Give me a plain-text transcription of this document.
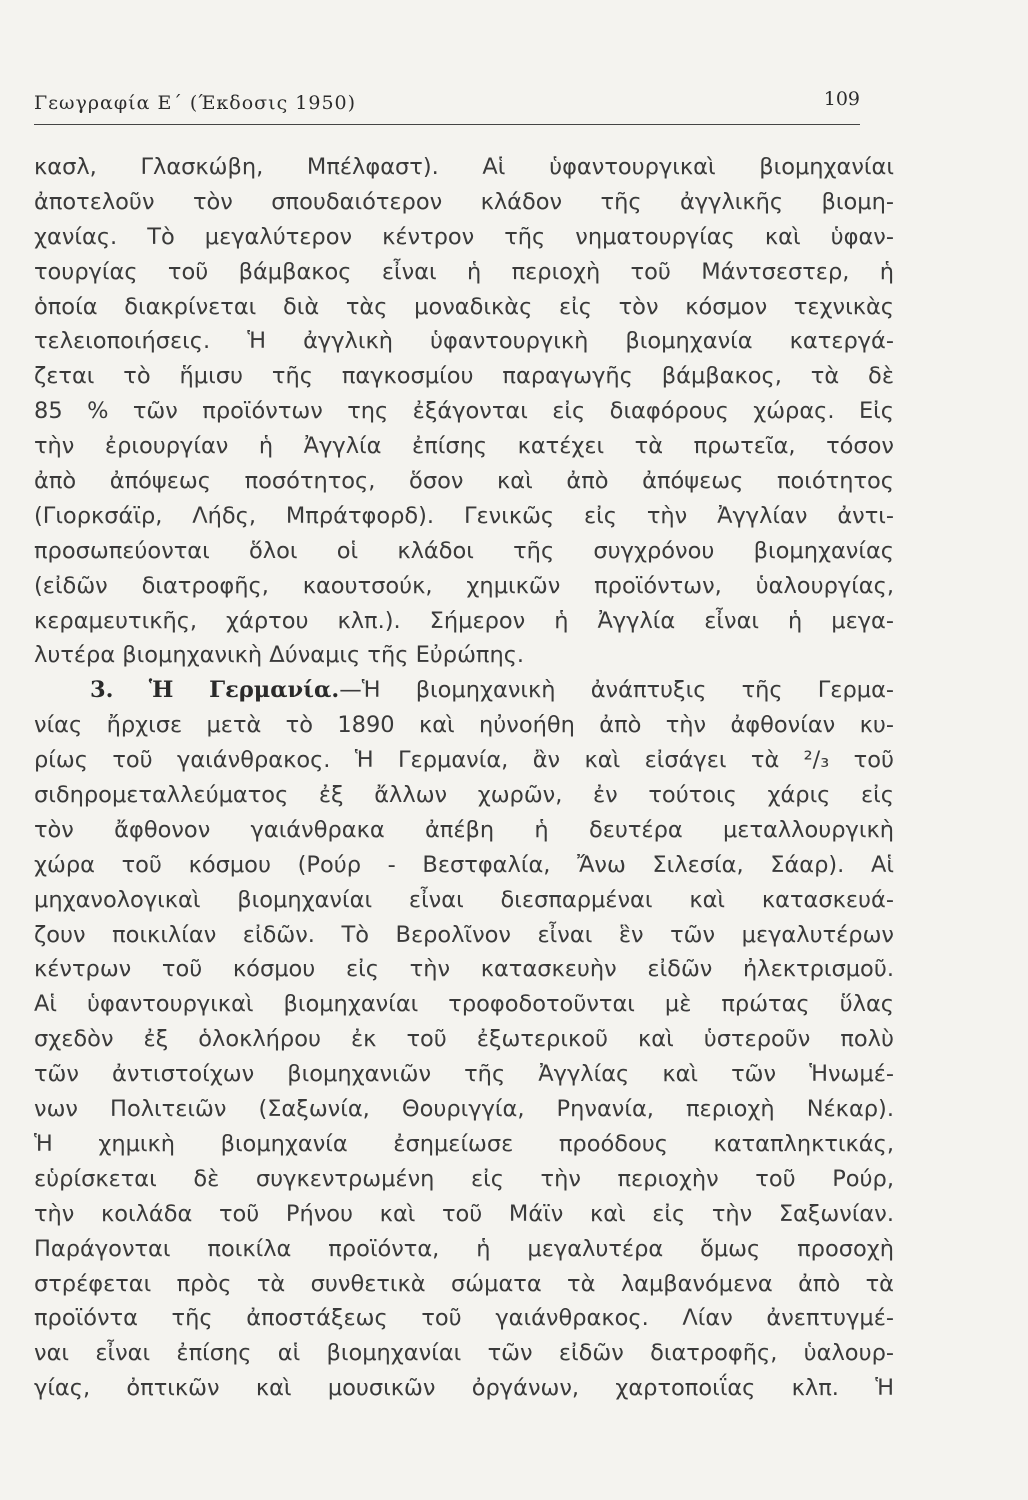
Γεωγραφία Ε΄ (Έκδοσις 1950)	109
κασλ, Γλασκώβη, Μπέλφαστ). Αἱ ὑφαντουργικαὶ βιομηχανίαι
ἀποτελοῦν τὸν σπουδαιότερον κλάδον τῆς ἀγγλικῆς βιομη-
χανίας. Τὸ μεγαλύτερον κέντρον τῆς νηματουργίας καὶ ὑφαν-
τουργίας τοῦ βάμβακος εἶναι ἡ περιοχὴ τοῦ Μάντσεστερ, ἡ
ὁποία διακρίνεται διὰ τὰς μοναδικὰς εἰς τὸν κόσμον τεχνικὰς
τελειοποιήσεις. Ἡ ἀγγλικὴ ὑφαντουργικὴ βιομηχανία κατεργά-
ζεται τὸ ἥμισυ τῆς παγκοσμίου παραγωγῆς βάμβακος, τὰ δὲ
85 % τῶν προϊόντων της ἐξάγονται εἰς διαφόρους χώρας. Εἰς
τὴν ἐριουργίαν ἡ Ἀγγλία ἐπίσης κατέχει τὰ πρωτεῖα, τόσον
ἀπὸ ἀπόψεως ποσότητος, ὅσον καὶ ἀπὸ ἀπόψεως ποιότητος
(Γιορκσάϊρ, Λήδς, Μπράτφορδ). Γενικῶς εἰς τὴν Ἀγγλίαν ἀντι-
προσωπεύονται ὅλοι οἱ κλάδοι τῆς συγχρόνου βιομηχανίας
(εἰδῶν διατροφῆς, καουτσούκ, χημικῶν προϊόντων, ὑαλουργίας,
κεραμευτικῆς, χάρτου κλπ.). Σήμερον ἡ Ἀγγλία εἶναι ἡ μεγα-
λυτέρα βιομηχανικὴ Δύναμις τῆς Εὐρώπης.
3. Ἡ Γερμανία.—Ἡ βιομηχανικὴ ἀνάπτυξις τῆς Γερμα-
νίας ἤρχισε μετὰ τὸ 1890 καὶ ηὐνοήθη ἀπὸ τὴν ἀφθονίαν κυ-
ρίως τοῦ γαιάνθρακος. Ἡ Γερμανία, ἂν καὶ εἰσάγει τὰ ²/₃ τοῦ
σιδηρομεταλλεύματος ἐξ ἄλλων χωρῶν, ἐν τούτοις χάρις εἰς
τὸν ἄφθονον γαιάνθρακα ἀπέβη ἡ δευτέρα μεταλλουργικὴ
χώρα τοῦ κόσμου (Ρούρ - Βεστφαλία, Ἄνω Σιλεσία, Σάαρ). Αἱ
μηχανολογικαὶ βιομηχανίαι εἶναι διεσπαρμέναι καὶ κατασκευά-
ζουν ποικιλίαν εἰδῶν. Τὸ Βερολῖνον εἶναι ἓν τῶν μεγαλυτέρων
κέντρων τοῦ κόσμου εἰς τὴν κατασκευὴν εἰδῶν ἠλεκτρισμοῦ.
Αἱ ὑφαντουργικαὶ βιομηχανίαι τροφοδοτοῦνται μὲ πρώτας ὕλας
σχεδὸν ἐξ ὁλοκλήρου ἐκ τοῦ ἐξωτερικοῦ καὶ ὑστεροῦν πολὺ
τῶν ἀντιστοίχων βιομηχανιῶν τῆς Ἀγγλίας καὶ τῶν Ἡνωμέ-
νων Πολιτειῶν (Σαξωνία, Θουριγγία, Ρηνανία, περιοχὴ Νέκαρ).
Ἡ χημικὴ βιομηχανία ἐσημείωσε προόδους καταπληκτικάς,
εὑρίσκεται δὲ συγκεντρωμένη εἰς τὴν περιοχὴν τοῦ Ρούρ,
τὴν κοιλάδα τοῦ Ρήνου καὶ τοῦ Μάϊν καὶ εἰς τὴν Σαξωνίαν.
Παράγονται ποικίλα προϊόντα, ἡ μεγαλυτέρα ὅμως προσοχὴ
στρέφεται πρὸς τὰ συνθετικὰ σώματα τὰ λαμβανόμενα ἀπὸ τὰ
προϊόντα τῆς ἀποστάξεως τοῦ γαιάνθρακος. Λίαν ἀνεπτυγμέ-
ναι εἶναι ἐπίσης αἱ βιομηχανίαι τῶν εἰδῶν διατροφῆς, ὑαλουρ-
γίας, ὀπτικῶν καὶ μουσικῶν ὀργάνων, χαρτοποιΐας κλπ. Ἡ
